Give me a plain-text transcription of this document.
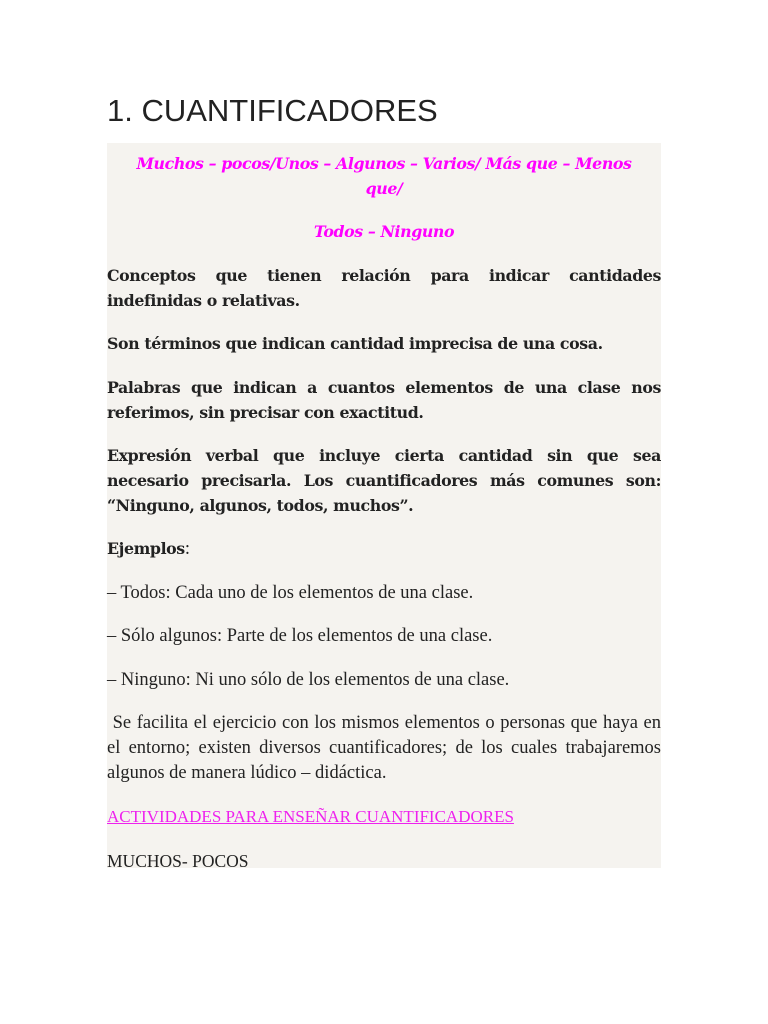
1. CUANTIFICADORES

Muchos – pocos/Unos – Algunos – Varios/ Más que – Menos que/

Todos – Ninguno

Conceptos que tienen relación para indicar cantidades indefinidas o relativas.

Son términos que indican cantidad imprecisa de una cosa.

Palabras que indican a cuantos elementos de una clase nos referimos, sin precisar con exactitud.

Expresión verbal que incluye cierta cantidad sin que sea necesario precisarla. Los cuantificadores más comunes son: “Ninguno, algunos, todos, muchos”.

Ejemplos:

– Todos: Cada uno de los elementos de una clase.

– Sólo algunos: Parte de los elementos de una clase.

– Ninguno: Ni uno sólo de los elementos de una clase.

Se facilita el ejercicio con los mismos elementos o personas que haya en el entorno; existen diversos cuantificadores; de los cuales trabajaremos algunos de manera lúdico – didáctica.

ACTIVIDADES PARA ENSEÑAR CUANTIFICADORES

MUCHOS- POCOS
